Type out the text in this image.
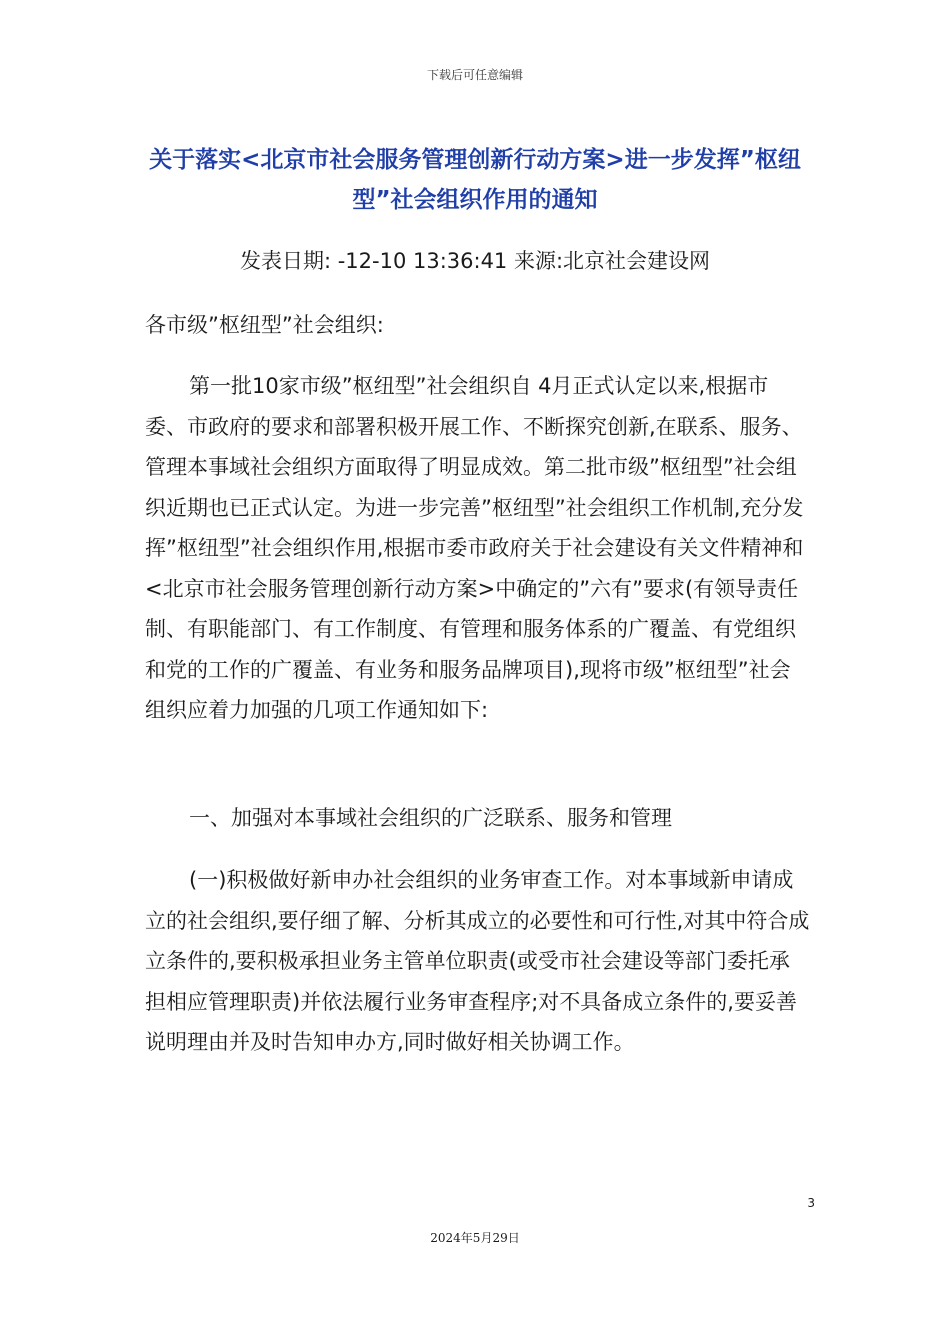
下载后可任意编辑
关于落实<北京市社会服务管理创新行动方案>进一步发挥”枢纽型”社会组织作用的通知
发表日期: -12-10 13:36:41 来源:北京社会建设网

各市级”枢纽型”社会组织:

第一批10家市级”枢纽型”社会组织自 4月正式认定以来,根据市委、市政府的要求和部署积极开展工作、不断探究创新,在联系、服务、管理本事域社会组织方面取得了明显成效。第二批市级”枢纽型”社会组织近期也已正式认定。为进一步完善”枢纽型”社会组织工作机制,充分发挥”枢纽型”社会组织作用,根据市委市政府关于社会建设有关文件精神和<北京市社会服务管理创新行动方案>中确定的”六有”要求(有领导责任制、有职能部门、有工作制度、有管理和服务体系的广覆盖、有党组织和党的工作的广覆盖、有业务和服务品牌项目),现将市级”枢纽型”社会组织应着力加强的几项工作通知如下:

一、加强对本事域社会组织的广泛联系、服务和管理

(一)积极做好新申办社会组织的业务审查工作。对本事域新申请成立的社会组织,要仔细了解、分析其成立的必要性和可行性,对其中符合成立条件的,要积极承担业务主管单位职责(或受市社会建设等部门委托承担相应管理职责)并依法履行业务审查程序;对不具备成立条件的,要妥善说明理由并及时告知申办方,同时做好相关协调工作。

3
2024年5月29日
